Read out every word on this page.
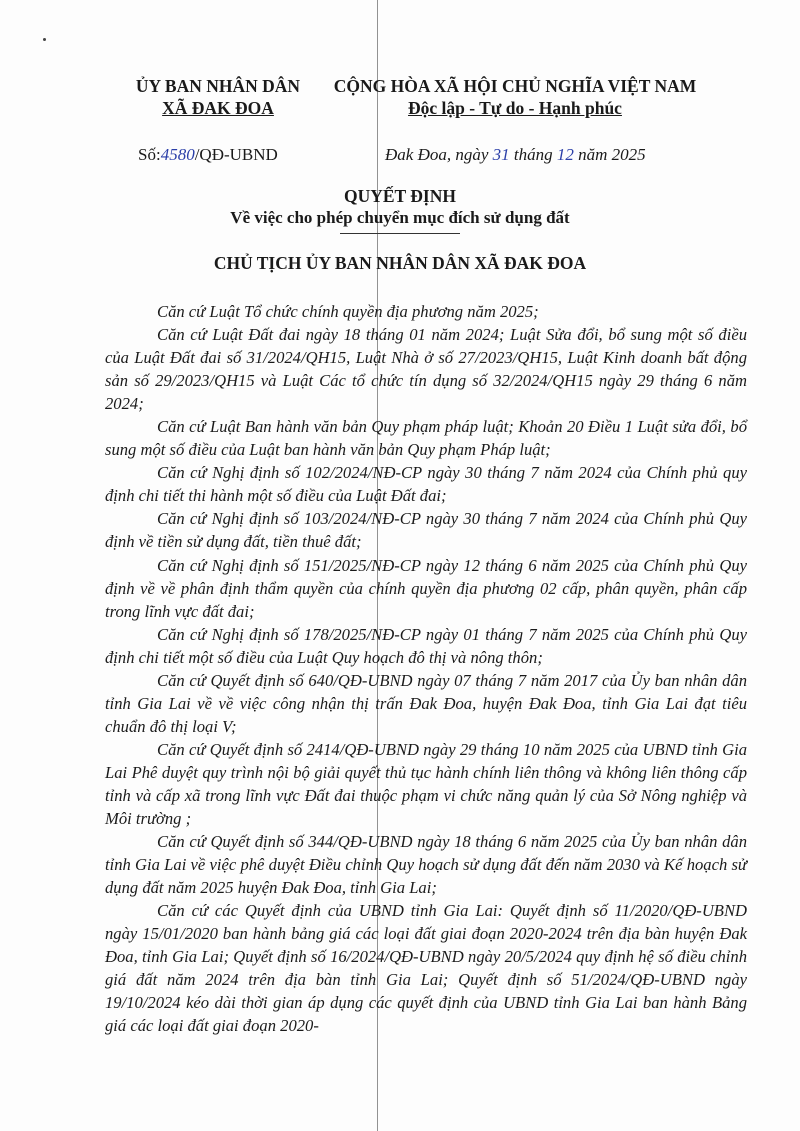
ỦY BAN NHÂN DÂN
XÃ ĐAK ĐOA
CỘNG HÒA XÃ HỘI CHỦ NGHĨA VIỆT NAM
Độc lập - Tự do - Hạnh phúc
Số:4580/QĐ-UBND	Đak Đoa, ngày 31 tháng 12 năm 2025
QUYẾT ĐỊNH
Về việc cho phép chuyển mục đích sử dụng đất
CHỦ TỊCH ỦY BAN NHÂN DÂN XÃ ĐAK ĐOA

Căn cứ Luật Tổ chức chính quyền địa phương năm 2025;

Căn cứ Luật Đất đai ngày 18 tháng 01 năm 2024; Luật Sửa đổi, bổ sung một số điều của Luật Đất đai số 31/2024/QH15, Luật Nhà ở số 27/2023/QH15, Luật Kinh doanh bất động sản số 29/2023/QH15 và Luật Các tổ chức tín dụng số 32/2024/QH15 ngày 29 tháng 6 năm 2024;

Căn cứ Luật Ban hành văn bản Quy phạm pháp luật; Khoản 20 Điều 1 Luật sửa đổi, bổ sung một số điều của Luật ban hành văn bản Quy phạm Pháp luật;

Căn cứ Nghị định số 102/2024/NĐ-CP ngày 30 tháng 7 năm 2024 của Chính phủ quy định chi tiết thi hành một số điều của Luật Đất đai;

Căn cứ Nghị định số 103/2024/NĐ-CP ngày 30 tháng 7 năm 2024 của Chính phủ Quy định về tiền sử dụng đất, tiền thuê đất;

Căn cứ Nghị định số 151/2025/NĐ-CP ngày 12 tháng 6 năm 2025 của Chính phủ Quy định về về phân định thẩm quyền của chính quyền địa phương 02 cấp, phân quyền, phân cấp trong lĩnh vực đất đai;

Căn cứ Nghị định số 178/2025/NĐ-CP ngày 01 tháng 7 năm 2025 của Chính phủ Quy định chi tiết một số điều của Luật Quy hoạch đô thị và nông thôn;

Căn cứ Quyết định số 640/QĐ-UBND ngày 07 tháng 7 năm 2017 của Ủy ban nhân dân tỉnh Gia Lai về về việc công nhận thị trấn Đak Đoa, huyện Đak Đoa, tỉnh Gia Lai đạt tiêu chuẩn đô thị loại V;

Căn cứ Quyết định số 2414/QĐ-UBND ngày 29 tháng 10 năm 2025 của UBND tỉnh Gia Lai Phê duyệt quy trình nội bộ giải quyết thủ tục hành chính liên thông và không liên thông cấp tỉnh và cấp xã trong lĩnh vực Đất đai thuộc phạm vi chức năng quản lý của Sở Nông nghiệp và Môi trường ;

Căn cứ Quyết định số 344/QĐ-UBND ngày 18 tháng 6 năm 2025 của Ủy ban nhân dân tỉnh Gia Lai về việc phê duyệt Điều chỉnh Quy hoạch sử dụng đất đến năm 2030 và Kế hoạch sử dụng đất năm 2025 huyện Đak Đoa, tỉnh Gia Lai;

Căn cứ các Quyết định của UBND tỉnh Gia Lai: Quyết định số 11/2020/QĐ-UBND ngày 15/01/2020 ban hành bảng giá các loại đất giai đoạn 2020-2024 trên địa bàn huyện Đak Đoa, tỉnh Gia Lai; Quyết định số 16/2024/QĐ-UBND ngày 20/5/2024 quy định hệ số điều chỉnh giá đất năm 2024 trên địa bàn tỉnh Gia Lai; Quyết định số 51/2024/QĐ-UBND ngày 19/10/2024 kéo dài thời gian áp dụng các quyết định của UBND tỉnh Gia Lai ban hành Bảng giá các loại đất giai đoạn 2020-
